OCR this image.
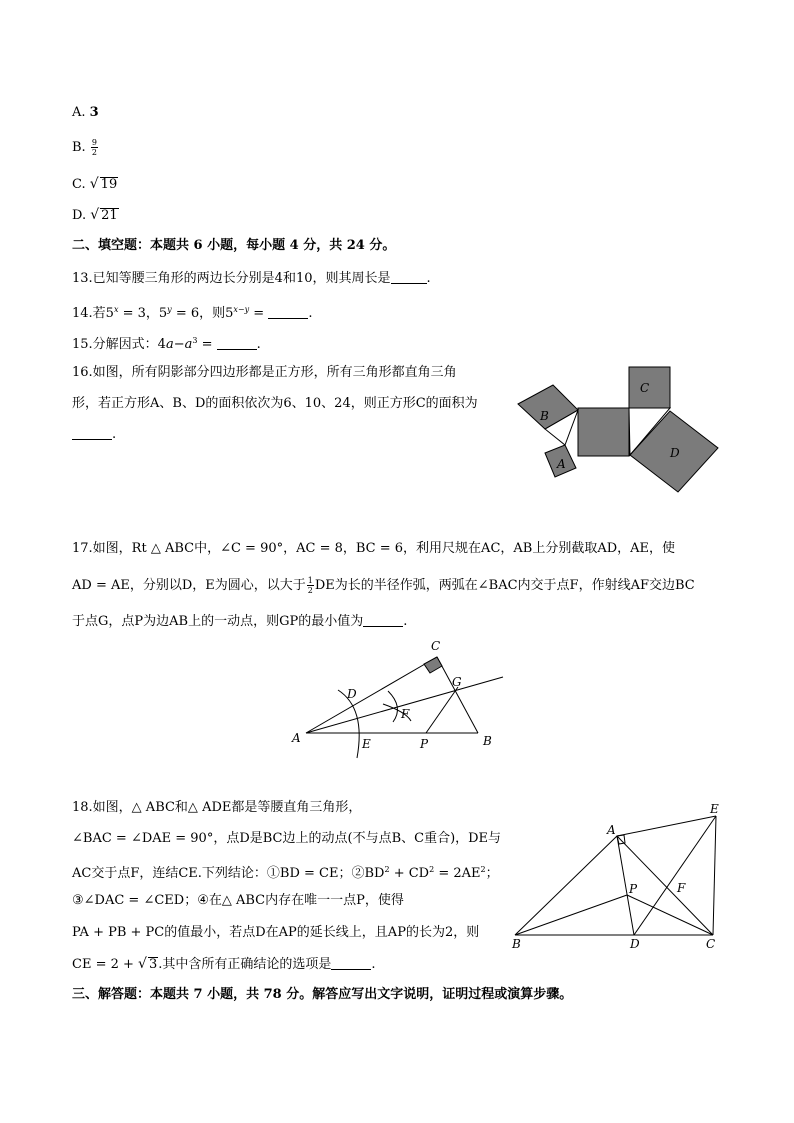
A. 3
B. $\frac{9}{2}$
C. √ 19
D. √ 21
二、填空题：本题共 6 小题，每小题 4 分，共 24 分。
13.已知等腰三角形的两边长分别是4和10，则其周长是	.
14.若$5^x = 3$，$5^y = 6$，则$5^{x-y}$ =	.
15.分解因式：$4a-a^3$ =	.
16.如图，所有阴影部分四边形都是正方形，所有三角形都直角三角
形，若正方形A、B、D的面积依次为6、10、24，则正方形C的面积为
.
B
A
C
D
17.如图，Rt △ ABC中，∠C = 90°，AC = 8，BC = 6，利用尺规在AC，AB上分别截取AD，AE，使
AD = AE，分别以D，E为圆心，以大于 $\frac{1}{2}$ DE为长的半径作弧，两弧在∠BAC内交于点F，作射线AF交边BC
于点G，点P为边AB上的一动点，则GP的最小值为	.
A	B
C
D
E
F
G
P
18.如图，△ ABC和△ ADE都是等腰直角三角形，
∠BAC = ∠DAE = 90°，点D是BC边上的动点(不与点B、C重合)，DE与
AC交于点F，连结CE.下列结论：①BD = CE；$②BD^2 + CD^2 = 2AE^2$；
③∠DAC = ∠CED；④在△ ABC内存在唯一一点P，使得
PA + PB + PC的值最小，若点D在AP的延长线上，且AP的长为2，则
CE = 2 + √ 3.其中含所有正确结论的选项是	.
A
B	C
D
E
F
P
三、解答题：本题共 7 小题，共 78 分。解答应写出文字说明，证明过程或演算步骤。
